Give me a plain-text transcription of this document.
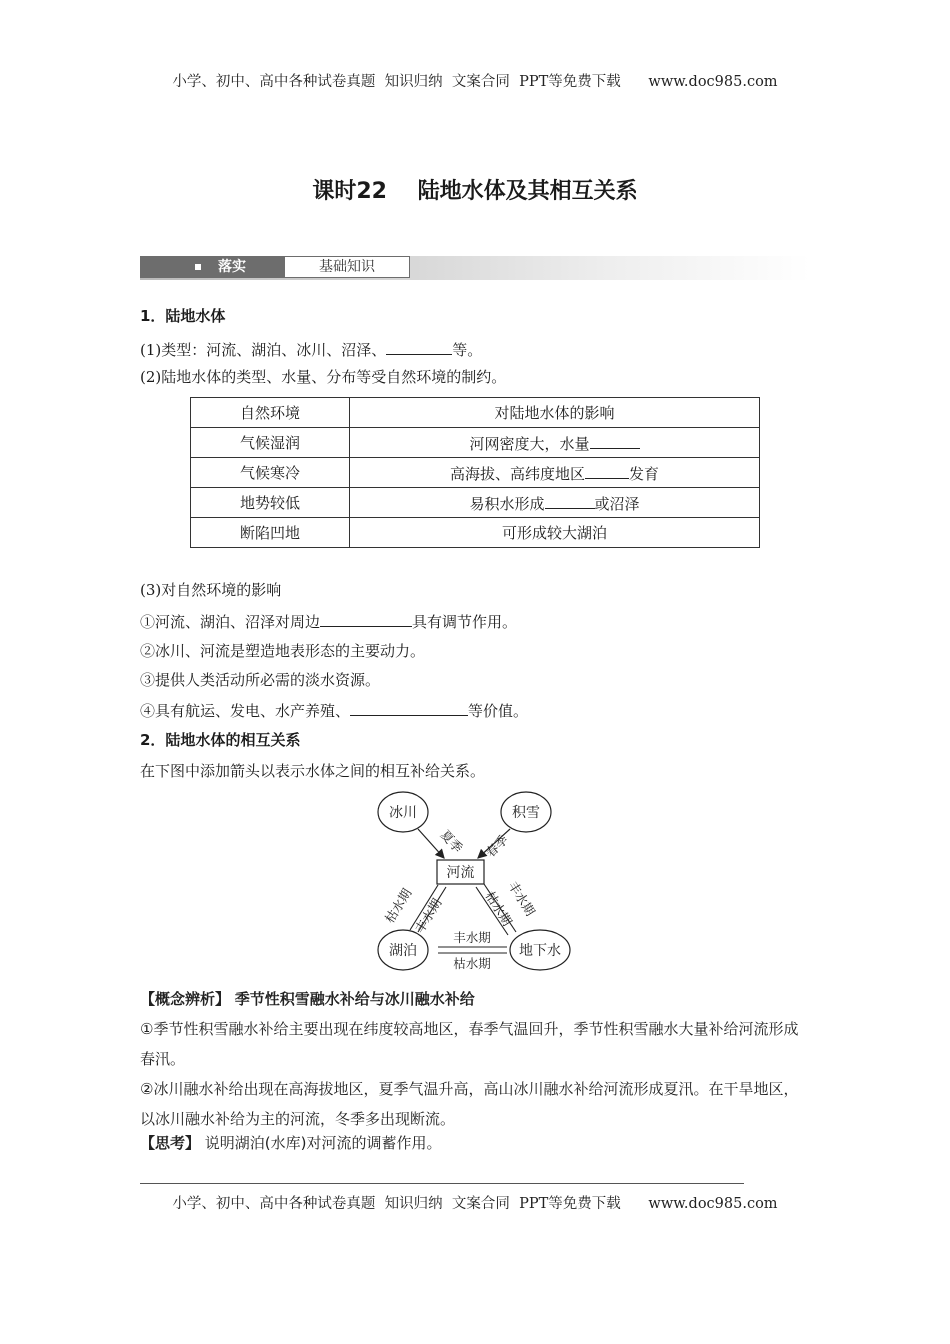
小学、初中、高中各种试卷真题  知识归纳  文案合同  PPT等免费下载      www.doc985.com
课时22    陆地水体及其相互关系
落实	基础知识
1．陆地水体
(1)类型：河流、湖泊、冰川、沼泽、	等。
(2)陆地水体的类型、水量、分布等受自然环境的制约。
自然环境	对陆地水体的影响
气候湿润	河网密度大，水量
气候寒冷	高海拔、高纬度地区 发育
地势较低	易积水形成 或沼泽
断陷凹地	可形成较大湖泊
(3)对自然环境的影响
①河流、湖泊、沼泽对周边	具有调节作用。
②冰川、河流是塑造地表形态的主要动力。
③提供人类活动所必需的淡水资源。
④具有航运、发电、水产养殖、	等价值。
2．陆地水体的相互关系
在下图中添加箭头以表示水体之间的相互补给关系。
冰川	积雪
河流
湖泊	地下水
夏季 春季
枯水期
丰水期	丰水期
枯水期
丰水期
枯水期
【概念辨析】 季节性积雪融水补给与冰川融水补给
①季节性积雪融水补给主要出现在纬度较高地区，春季气温回升，季节性积雪融水大量补给河流形成春汛。
②冰川融水补给出现在高海拔地区，夏季气温升高，高山冰川融水补给河流形成夏汛。在干旱地区，以冰川融水补给为主的河流，冬季多出现断流。
【思考】 说明湖泊(水库)对河流的调蓄作用。
小学、初中、高中各种试卷真题  知识归纳  文案合同  PPT等免费下载      www.doc985.com
